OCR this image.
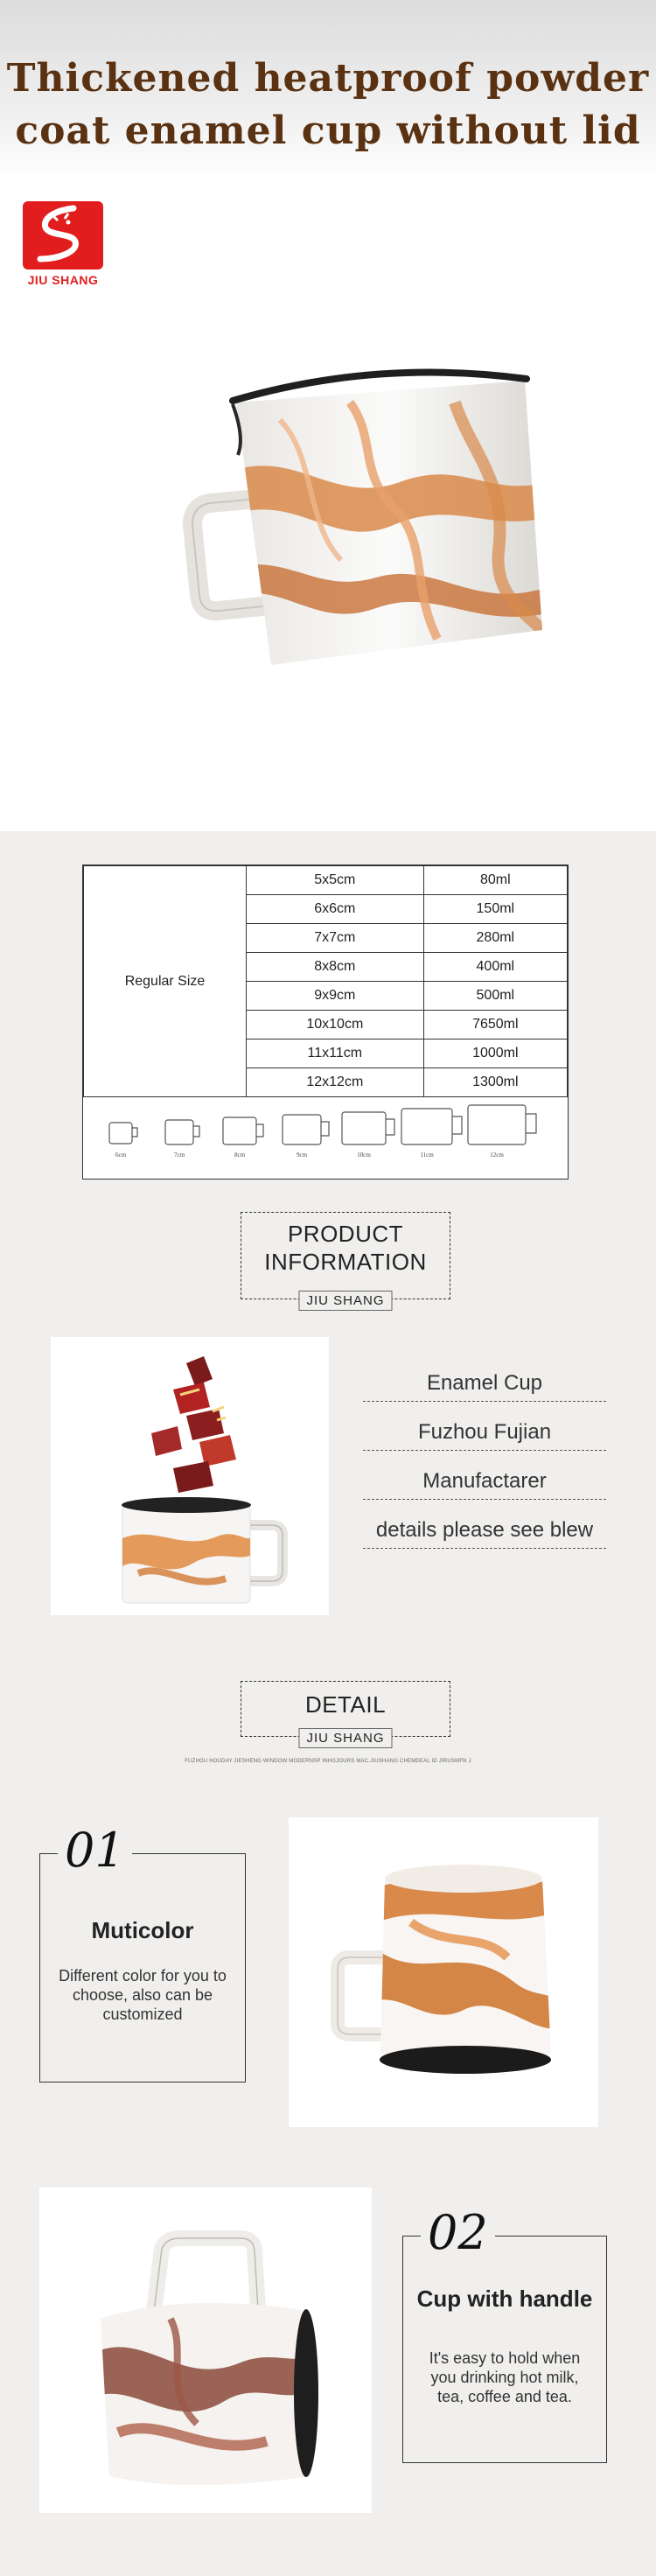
Thickened heatproof powder
coat enamel cup without lid
JIU SHANG
Regular Size	5x5cm	80ml
	6x6cm	150ml
	7x7cm	280ml
	8x8cm	400ml
	9x9cm	500ml
	10x10cm	7650ml
	11x11cm	1000ml
	12x12cm	1300ml
6cm	7cm	8cm	9cm	10cm	11cm	12cm
PRODUCT
INFORMATION
JIU SHANG
Enamel Cup
Fuzhou Fujian
Manufactarer
details please see blew
DETAIL
JIU SHANG
FUZHOU HOUDAY JIESHENG WINDOW MODERNSP INHGJOURS MAC.JIUSHANG CHEMDEAL ID JIRUSMFN J
01
Muticolor
Different color for you to choose, also can be customized
02
Cup with handle
It's easy to hold when you drinking hot milk, tea, coffee and tea.
